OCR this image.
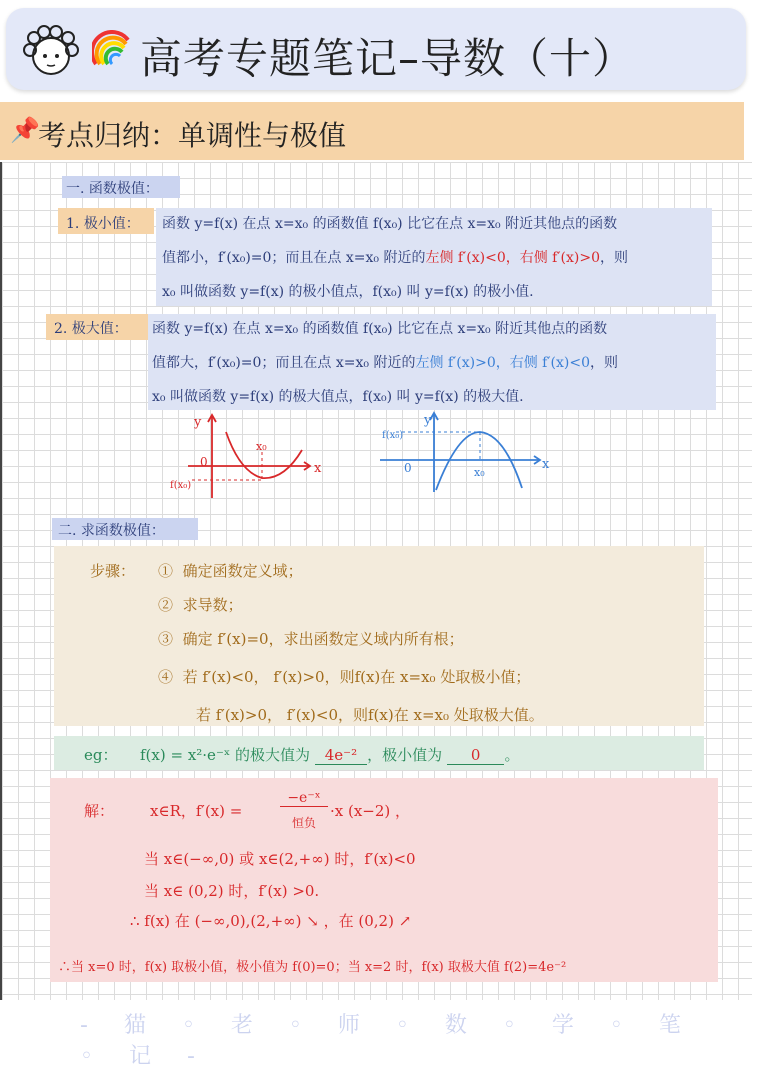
高考专题笔记–导数（十）
📌
考点归纳：单调性与极值
一. 函数极值：
1. 极小值： 函数 y=f(x) 在点 x=x₀ 的函数值 f(x₀) 比它在点 x=x₀ 附近其他点的函数
值都小，f′(x₀)=0；而且在点 x=x₀ 附近的左侧 f′(x)<0，右侧 f′(x)>0，则
x₀ 叫做函数 y=f(x) 的极小值点，f(x₀) 叫 y=f(x) 的极小值.
2. 极大值： 函数 y=f(x) 在点 x=x₀ 的函数值 f(x₀) 比它在点 x=x₀ 附近其他点的函数
值都大，f′(x₀)=0；而且在点 x=x₀ 附近的左侧 f′(x)>0，右侧 f′(x)<0，则
x₀ 叫做函数 y=f(x) 的极大值点，f(x₀) 叫 y=f(x) 的极大值.
y
x
0
x₀
f(x₀)
y
x
0	x₀
f(x₀)
二. 求函数极值：
步骤： ① 确定函数定义域；
② 求导数；
③ 确定 f′(x)=0，求出函数定义域内所有根；
④ 若 f′(x)<0， f′(x)>0，则f(x)在 x=x₀ 处取极小值；
若 f′(x)>0， f′(x)<0，则f(x)在 x=x₀ 处取极大值。
eg： f(x) = x²·e⁻ˣ 的极大值为 4e⁻² ，极小值为 0 。
解： x∈R，f′(x) =
−e⁻ˣ
恒负
·x (x−2) ，
当 x∈(−∞,0) 或 x∈(2,+∞) 时，f′(x)<0
当 x∈ (0,2) 时，f′(x) >0.
∴ f(x) 在 (−∞,0),(2,+∞) ↘ ，在 (0,2) ↗
∴当 x=0 时，f(x) 取极小值，极小值为 f(0)=0；当 x=2 时，f(x) 取极大值 f(2)=4e⁻²
-猫◦老◦师◦数◦学◦笔◦记-
